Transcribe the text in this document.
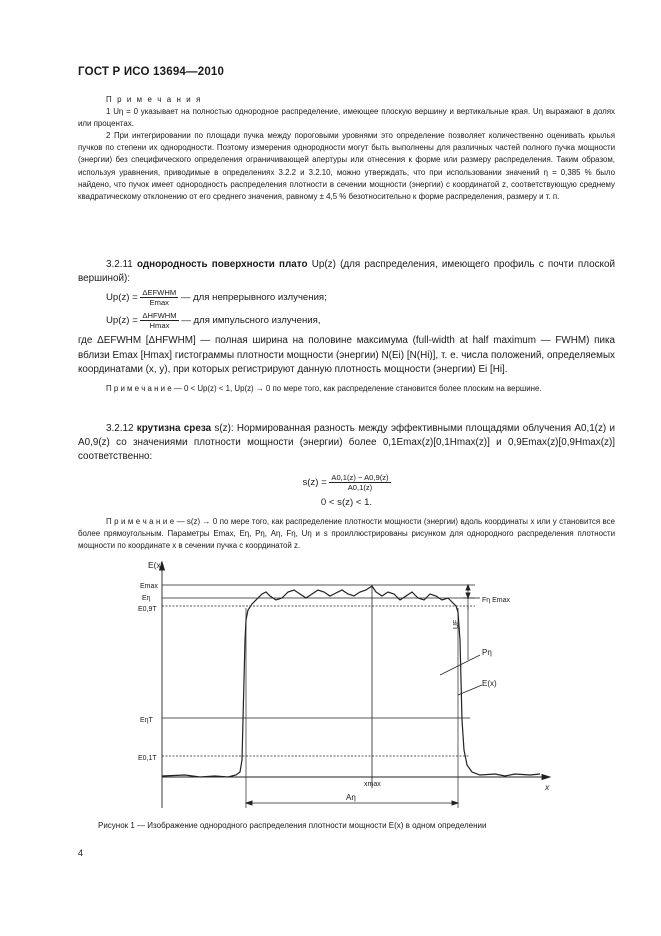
ГОСТ Р ИСО 13694—2010
П р и м е ч а н и я
1 Uη = 0 указывает на полностью однородное распределение, имеющее плоскую вершину и вертикальные края. Uη выражают в долях или процентах.
2 При интегрировании по площади пучка между пороговыми уровнями это определение позволяет количественно оценивать крылья пучков по степени их однородности. Поэтому измерения однородности могут быть выполнены для различных частей полного пучка мощности (энергии) без специфического определения ограничивающей апертуры или отнесения к форме или размеру распределения. Таким образом, используя уравнения, приводимые в определениях 3.2.2 и 3.2.10, можно утверждать, что при использовании значений η = 0,385 % было найдено, что пучок имеет однородность распределения плотности в сечении мощности (энергии) с координатой z, соответствующую среднему квадратическому отклонению от его среднего значения, равному ± 4,5 % безотносительно к форме распределения, размеру и т. п.
3.2.11 однородность поверхности плато Up(z) (для распределения, имеющего профиль с почти плоской вершиной):
$Up(z) = \frac{\text{ΔEFWHM}}{Emax}$ — для непрерывного излучения;
$Up(z) = \frac{\text{ΔHFWHM}}{Hmax}$ — для импульсного излучения,
где ΔEFWHM [ΔHFWHM] — полная ширина на половине максимума (full-width at half maximum — FWHM) пика вблизи Emax [Hmax] гистограммы плотности мощности (энергии) N(Ei) [N(Hi)], т. е. числа положений, определяемых координатами (x, y), при которых регистрируют данную плотность мощности (энергии) Ei [Hi].
П р и м е ч а н и е — 0 < Up(z) < 1, Up(z) → 0 по мере того, как распределение становится более плоским на вершине.
3.2.12 крутизна среза s(z): Нормированная разность между эффективными площадями облучения A0,1(z) и A0,9(z) со значениями плотности мощности (энергии) более 0,1Emax(z)[0,1Hmax(z)] и 0,9Emax(z)[0,9Hmax(z)] соответственно:
$s(z) = \frac{A0,1(z) - A0,9(z)}{A0,1(z)}$
0 < s(z) < 1.
П р и м е ч а н и е — s(z) → 0 по мере того, как распределение плотности мощности (энергии) вдоль координаты x или y становится все более прямоугольным. Параметры Emax, Eη, Pη, Aη, Fη, Uη и s проиллюстрированы рисунком для однородного распределения плотности мощности по координате x в сечении пучка с координатой z.
E(x)
x
Emax
Eη
E0,9T
EηT
E0,1T
Fη Emax
UF
Pη
E(x)
xmax
Aη
Рисунок 1 — Изображение однородного распределения плотности мощности E(x) в одном определении
4
